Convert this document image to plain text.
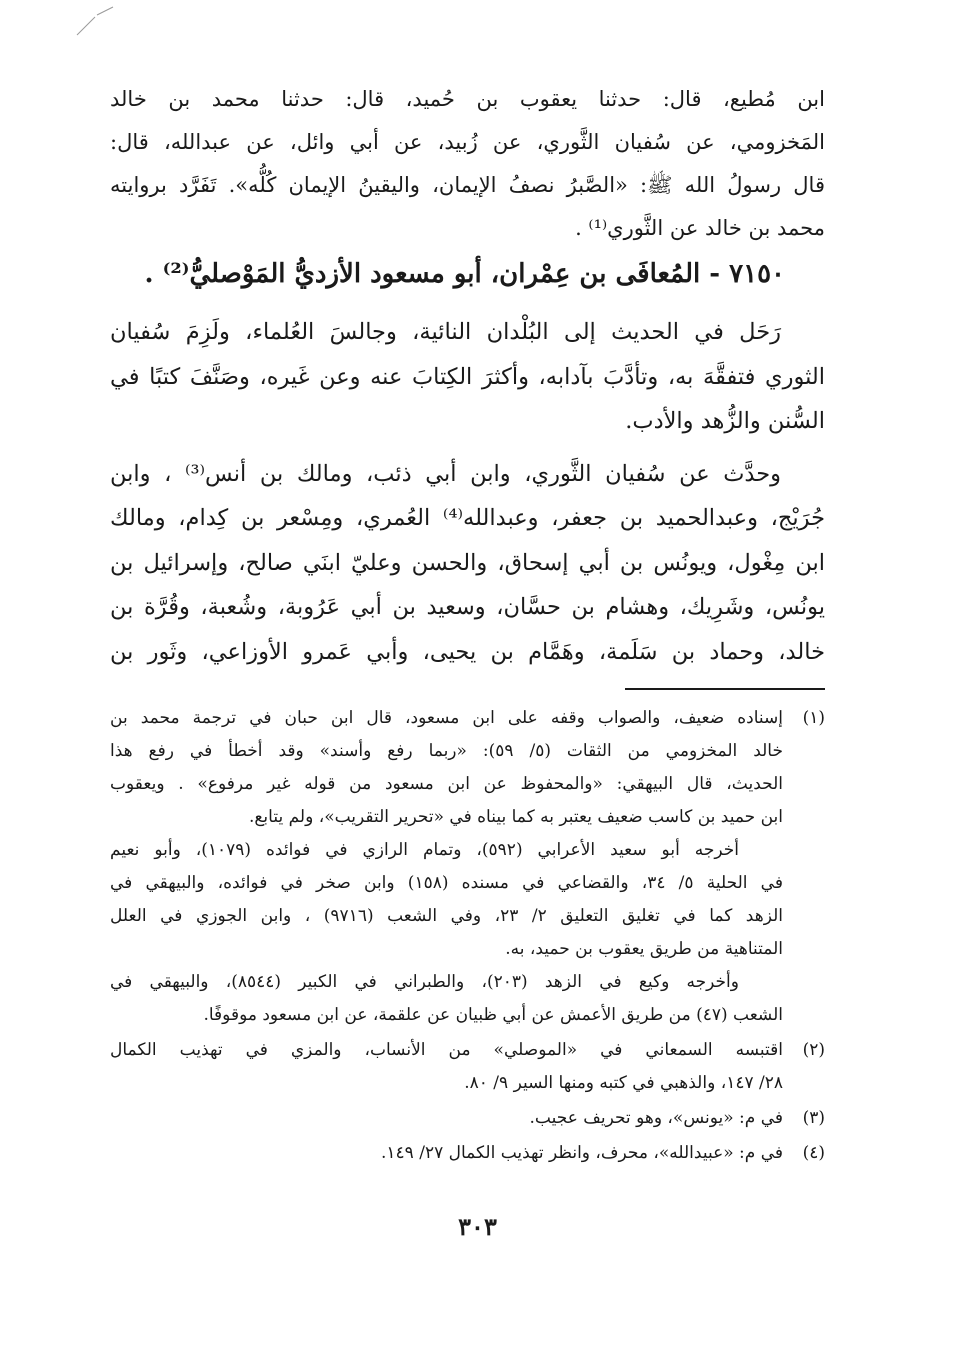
ابن مُطيع، قال: حدثنا يعقوب بن حُميد، قال: حدثنا محمد بن خالد
المَخزومي، عن سُفيان الثَّوري، عن زُبيد، عن أبي وائل، عن عبدالله، قال:
قال رسولُ الله ﷺ: «الصَّبرُ نصفُ الإيمان، واليقينُ الإيمان كُلُّه». تَفَرَّد بروايته
محمد بن خالد عن الثَّوري⁽¹⁾ .
٧١٥٠ - المُعافَى بن عِمْران، أبو مسعود الأزديُّ المَوْصليُّ⁽²⁾ .
رَحَل في الحديث إلى البُلْدان النائية، وجالسَ العُلماء، ولَزِمَ سُفيان
الثوري فتفقَّهَ به، وتأدَّبَ بآدابه، وأكثرَ الكِتابَ عنه وعن غَيره، وصَنَّفَ كتبًا في
السُّنن والزُّهد والأدب.
وحدَّث عن سُفيان الثَّوري، وابن أبي ذئب، ومالك بن أنس⁽³⁾ ، وابن
جُرَيْج، وعبدالحميد بن جعفر، وعبدالله⁽⁴⁾ العُمري، ومِسْعر بن كِدام، ومالك
ابن مِغْول، ويونُس بن أبي إسحاق، والحسن وعليّ ابنَي صالح، وإسرائيل بن
يونُس، وشَرِيك، وهشام بن حسَّان، وسعيد بن أبي عَرُوبة، وشُعبة، وقُرَّة بن
خالد، وحماد بن سَلَمة، وهَمَّام بن يحيى، وأبي عَمرو الأوزاعي، وثَور بن
(١)
إسناده ضعيف، والصواب وقفه على ابن مسعود، قال ابن حبان في ترجمة محمد بن
خالد المخزومي من الثقات (٥/ ٥٩): «ربما رفع وأسند» وقد أخطأ في رفع هذا
الحديث، قال البيهقي: «والمحفوظ عن ابن مسعود من قوله غير مرفوع» . ويعقوب
ابن حميد بن كاسب ضعيف يعتبر به كما بيناه في «تحرير التقريب»، ولم يتابع.
أخرجه أبو سعيد الأعرابي (٥٩٢)، وتمام الرازي في فوائده (١٠٧٩)، وأبو نعيم
في الحلية ٥/ ٣٤، والقضاعي في مسنده (١٥٨) وابن صخر في فوائده، والبيهقي في
الزهد كما في تغليق التعليق ٢/ ٢٣، وفي الشعب (٩٧١٦) ، وابن الجوزي في العلل
المتناهية من طريق يعقوب بن حميد، به.
وأخرجه وكيع في الزهد (٢٠٣)، والطبراني في الكبير (٨٥٤٤)، والبيهقي في
الشعب (٤٧) من طريق الأعمش عن أبي ظبيان عن علقمة، عن ابن مسعود موقوفًا.
(٢)
اقتبسه السمعاني في «الموصلي» من الأنساب، والمزي في تهذيب الكمال
٢٨/ ١٤٧، والذهبي في كتبه ومنها السير ٩/ ٨٠.
(٣)
في م: «يونس»، وهو تحريف عجيب.
(٤)
في م: «عبيدالله»، محرف، وانظر تهذيب الكمال ٢٧/ ١٤٩.
٣٠٣
